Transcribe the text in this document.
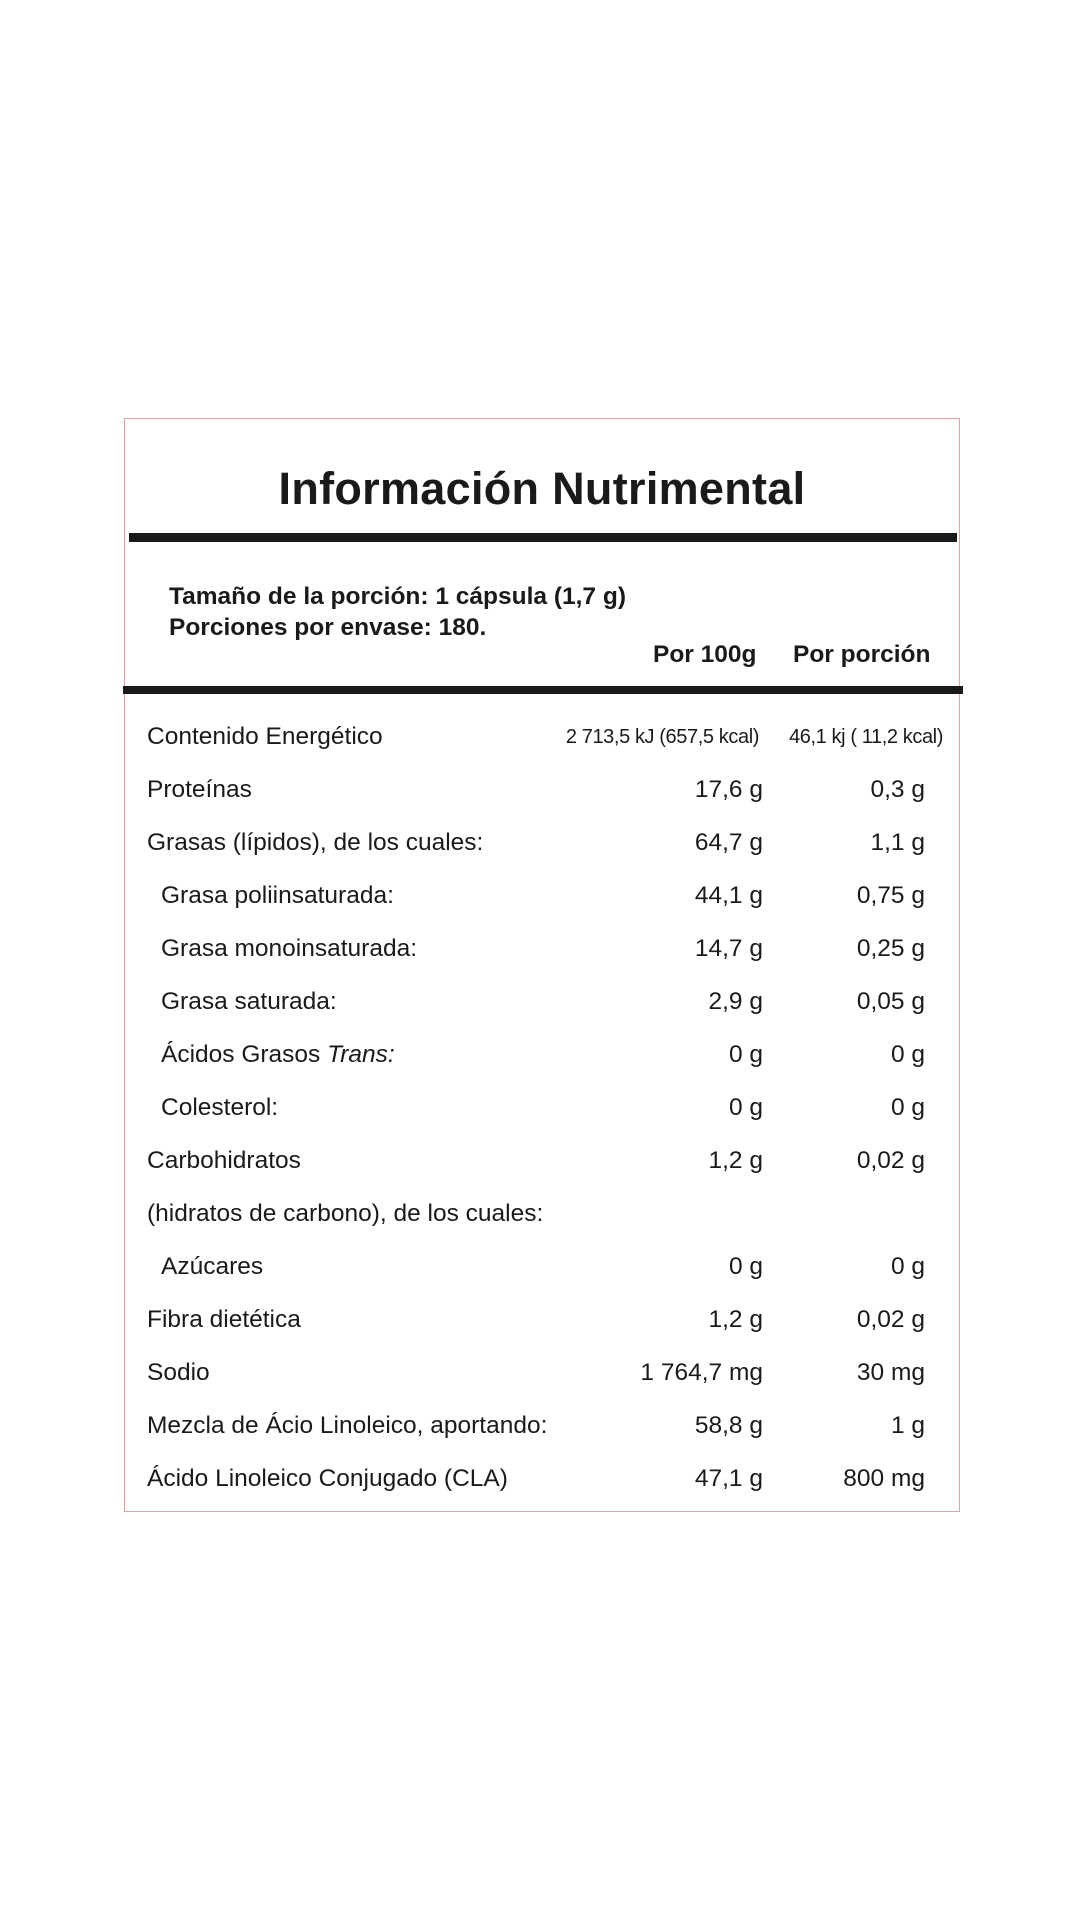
Información Nutrimental
Tamaño de la porción: 1 cápsula (1,7 g)
Porciones por envase: 180.
Por 100g Por porción
Contenido Energético	2 713,5 kJ (657,5 kcal) 46,1 kj ( 11,2 kcal)
Proteínas	17,6 g	0,3 g
Grasas (lípidos), de los cuales:	64,7 g	1,1 g
Grasa poliinsaturada:	44,1 g	0,75 g
Grasa monoinsaturada:	14,7 g	0,25 g
Grasa saturada:	2,9 g	0,05 g
Ácidos Grasos Trans:	0 g	0 g
Colesterol:	0 g	0 g
Carbohidratos	1,2 g	0,02 g
(hidratos de carbono), de los cuales:
Azúcares	0 g	0 g
Fibra dietética	1,2 g	0,02 g
Sodio	1 764,7 mg	30 mg
Mezcla de Ácio Linoleico, aportando:	58,8 g	1 g
Ácido Linoleico Conjugado (CLA)	47,1 g	800 mg
